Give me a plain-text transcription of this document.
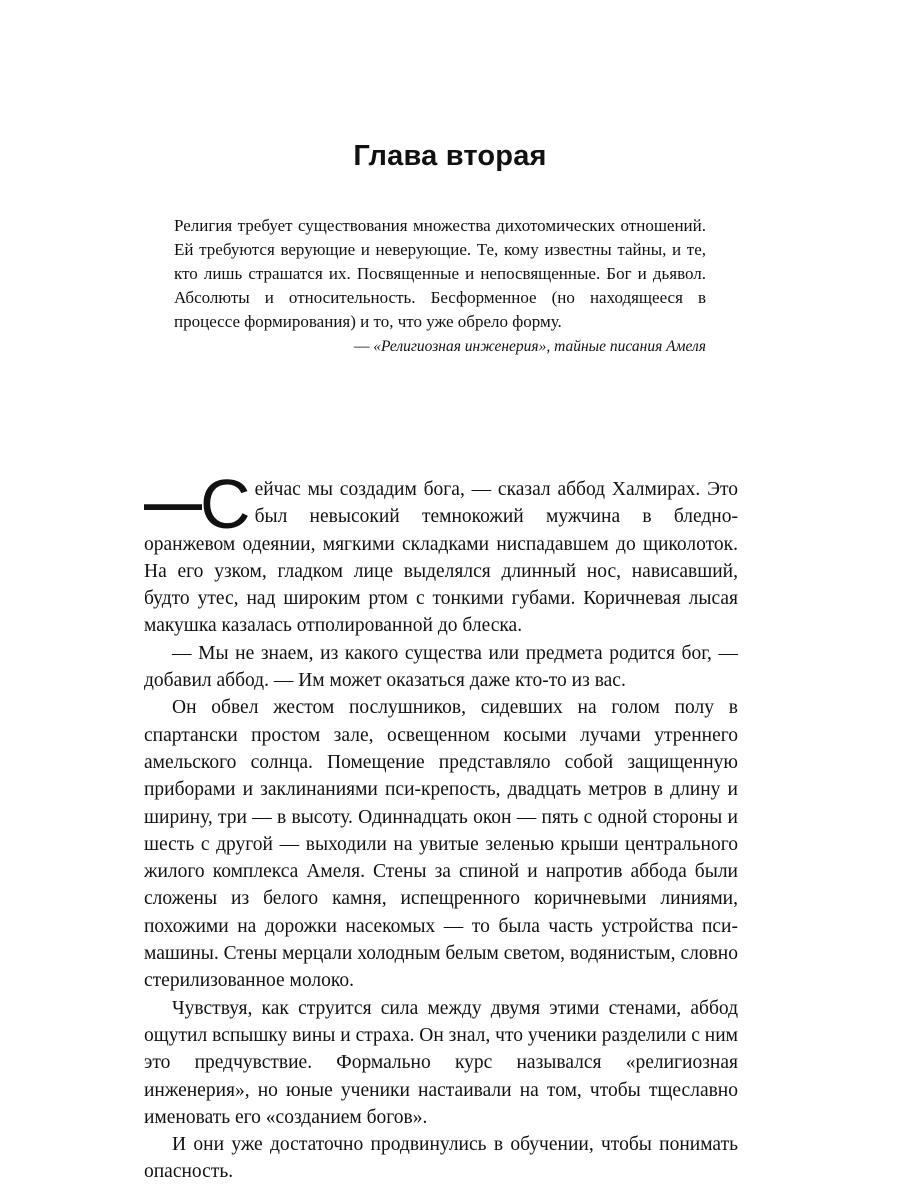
Глава вторая

Религия требует существования множества дихотомических отношений. Ей требуются верующие и неверующие. Те, кому известны тайны, и те, кто лишь страшатся их. Посвященные и непосвященные. Бог и дьявол. Абсолюты и относительность. Бесформенное (но находящееся в процессе формирования) и то, что уже обрело форму.

— «Религиозная инженерия», тайные писания Амеля

—С ейчас мы создадим бога, — сказал аббод Халмирах. Это был невысокий темнокожий мужчина в бледно-оранжевом одеянии, мягкими складками ниспадавшем до щиколоток. На его узком, гладком лице выделялся длинный нос, нависавший, будто утес, над широким ртом с тонкими губами. Коричневая лысая макушка казалась отполированной до блеска.

— Мы не знаем, из какого существа или предмета родится бог, — добавил аббод. — Им может оказаться даже кто-то из вас.

Он обвел жестом послушников, сидевших на голом полу в спартански простом зале, освещенном косыми лучами утреннего амельского солнца. Помещение представляло собой защищенную приборами и заклинаниями пси-крепость, двадцать метров в длину и ширину, три — в высоту. Одиннадцать окон — пять с одной стороны и шесть с другой — выходили на увитые зеленью крыши центрального жилого комплекса Амеля. Стены за спиной и напротив аббода были сложены из белого камня, испещренного коричневыми линиями, похожими на дорожки насекомых — то была часть устройства пси-машины. Стены мерцали холодным белым светом, водянистым, словно стерилизованное молоко.

Чувствуя, как струится сила между двумя этими стенами, аббод ощутил вспышку вины и страха. Он знал, что ученики разделили с ним это предчувствие. Формально курс назывался «религиозная инженерия», но юные ученики настаивали на том, чтобы тщеславно именовать его «созданием богов».

И они уже достаточно продвинулись в обучении, чтобы понимать опасность.
